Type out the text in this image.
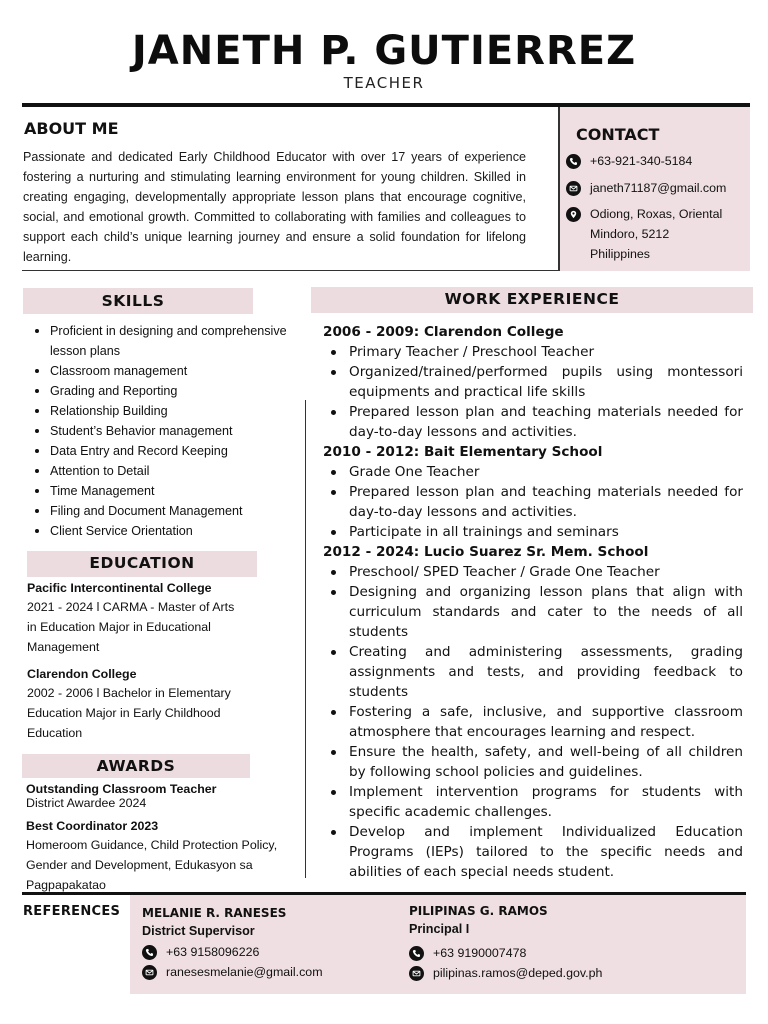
JANETH P. GUTIERREZ
TEACHER
ABOUT ME
Passionate and dedicated Early Childhood Educator with over 17 years of experience fostering a nurturing and stimulating learning environment for young children. Skilled in creating engaging, developmentally appropriate lesson plans that encourage cognitive, social, and emotional growth. Committed to collaborating with families and colleagues to support each child’s unique learning journey and ensure a solid foundation for lifelong learning.
CONTACT
+63-921-340-5184
janeth71187@gmail.com
Odiong, Roxas, Oriental
Mindoro, 5212
Philippines
SKILLS
Proficient in designing and comprehensive lesson plans
Classroom management
Grading and Reporting
Relationship Building
Student’s Behavior management
Data Entry and Record Keeping
Attention to Detail
Time Management
Filing and Document Management
Client Service Orientation
EDUCATION
Pacific Intercontinental College
2021 - 2024 l CARMA - Master of Arts
in Education Major in Educational
Management
Clarendon College
2002 - 2006 l Bachelor in Elementary
Education Major in Early Childhood
Education
AWARDS
Outstanding Classroom Teacher
District Awardee 2024
Best Coordinator 2023
Homeroom Guidance, Child Protection Policy,
Gender and Development, Edukasyon sa
Pagpapakatao
WORK EXPERIENCE
2006 - 2009: Clarendon College
Primary Teacher / Preschool Teacher
Organized/trained/performed pupils using montessori equipments and practical life skills
Prepared lesson plan and teaching materials needed for day-to-day lessons and activities.
2010 - 2012: Bait Elementary School
Grade One Teacher
Prepared lesson plan and teaching materials needed for day-to-day lessons and activities.
Participate in all trainings and seminars
2012 - 2024: Lucio Suarez Sr. Mem. School
Preschool/ SPED Teacher / Grade One Teacher
Designing and organizing lesson plans that align with curriculum standards and cater to the needs of all students
Creating and administering assessments, grading assignments and tests, and providing feedback to students
Fostering a safe, inclusive, and supportive classroom atmosphere that encourages learning and respect.
Ensure the health, safety, and well-being of all children by following school policies and guidelines.
Implement intervention programs for students with specific academic challenges.
Develop and implement Individualized Education Programs (IEPs) tailored to the specific needs and abilities of each special needs student.
REFERENCES MELANIE R. RANESES
District Supervisor
+63 9158096226
ranesesmelanie@gmail.com
PILIPINAS G. RAMOS
Principal I
+63 9190007478
pilipinas.ramos@deped.gov.ph
